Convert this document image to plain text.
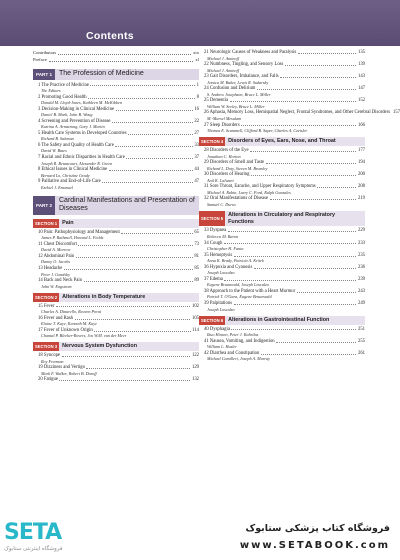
Contents
Contributors	xix
Preface	xl
PART 1	The Profession of Medicine
1 The Practice of Medicine	1
The Editors
2 Promoting Good Health	8
Donald M. Lloyd-Jones, Kathleen M. McKibben
3 Decision-Making in Clinical Medicine	16
Daniel B. Mark, John B. Wong
4 Screening and Prevention of Disease	22
Katrina A. Armstrong, Gary J. Martin
5 Health Care Systems in Developed Countries	27
Richard B. Saltman
6 The Safety and Quality of Health Care	33
David W. Bates
7 Racial and Ethnic Disparities in Health Care	37
Joseph R. Betancourt, Alexander R. Green
8 Ethical Issues in Clinical Medicine	44
Bernard Lo, Christine Grady
9 Palliative and End-of-Life Care	47
Ezekiel J. Emanuel
PART 2
Cardinal Manifestations and Presentation of Diseases
SECTION 1 Pain
10 Pain: Pathophysiology and Management	65
James P. Rathmell, Howard L. Fields
11 Chest Discomfort	73
David A. Morrow
12 Abdominal Pain	81
Danny O. Jacobs
13 Headache	85
Peter J. Goadsby
14 Back and Neck Pain	89
John W. Engstrom
SECTION 2 Alterations in Body Temperature
15 Fever	102
Charles A. Dinarello, Reuven Porat
16 Fever and Rash	105
Elaine T. Kaye, Kenneth M. Kaye
17 Fever of Unknown Origin	114
Chantal P. Bleeker-Rovers, Jos W.M. van der Meer
SECTION 3 Nervous System Dysfunction
18 Syncope	122
Roy Freeman
19 Dizziness and Vertigo	129
Mark F. Walker, Robert B. Daroff
20 Fatigue	132
21 Neurologic Causes of Weakness and Paralysis	135
Michael J. Aminoff
22 Numbness, Tingling, and Sensory Loss	139
Michael J. Aminoff
23 Gait Disorders, Imbalance, and Falls	143
Jessica M. Baker, Lewis R. Sudarsky
24 Confusion and Delirium	147
S. Andrew Josephson, Bruce L. Miller
25 Dementia	152
William W. Seeley, Bruce L. Miller
26 Aphasia, Memory Loss, Hemispatial Neglect, Frontal Syndromes, and Other Cerebral Disorders 157
M.-Marsel Mesulam
27 Sleep Disorders	166
Thomas E. Scammell, Clifford B. Saper, Charles A. Czeisler
SECTION 4 Disorders of Eyes, Ears, Nose, and Throat
28 Disorders of the Eye	177
Jonathan C. Horton
29 Disorders of Smell and Taste	194
Richard L. Doty, Steven M. Bromley
30 Disorders of Hearing	200
Anil K. Lalwani
31 Sore Throat, Earache, and Upper Respiratory Symptoms	208
Michael A. Rubin, Larry C. Ford, Ralph Gonzales
32 Oral Manifestations of Disease	219
Samuel C. Durso
SECTION 5
Alterations in Circulatory and Respiratory Functions
33 Dyspnea	229
Rebecca M. Baron
34 Cough	233
Christopher H. Fanta
35 Hemoptysis	235
Anna K. Brady, Patricia A. Kritek
36 Hypoxia and Cyanosis	236
Joseph Loscalzo
37 Edema	239
Eugene Braunwald, Joseph Loscalzo
38 Approach to the Patient with a Heart Murmur	243
Patrick T. O'Gara, Eugene Braunwald
39 Palpitations	249
Joseph Loscalzo
SECTION 6 Alterations in Gastrointestinal Function
40 Dysphagia	251
Ikuo Hirano, Peter J. Kahrilas
41 Nausea, Vomiting, and Indigestion	255
William L. Hasler
42 Diarrhea and Constipation	261
Michael Camilleri, Joseph A. Murray
SETA
فروشگاه اینترنتی ستابوک
فروشگاه کتاب پزشکی ستابوک
www.SETABOOK.com
